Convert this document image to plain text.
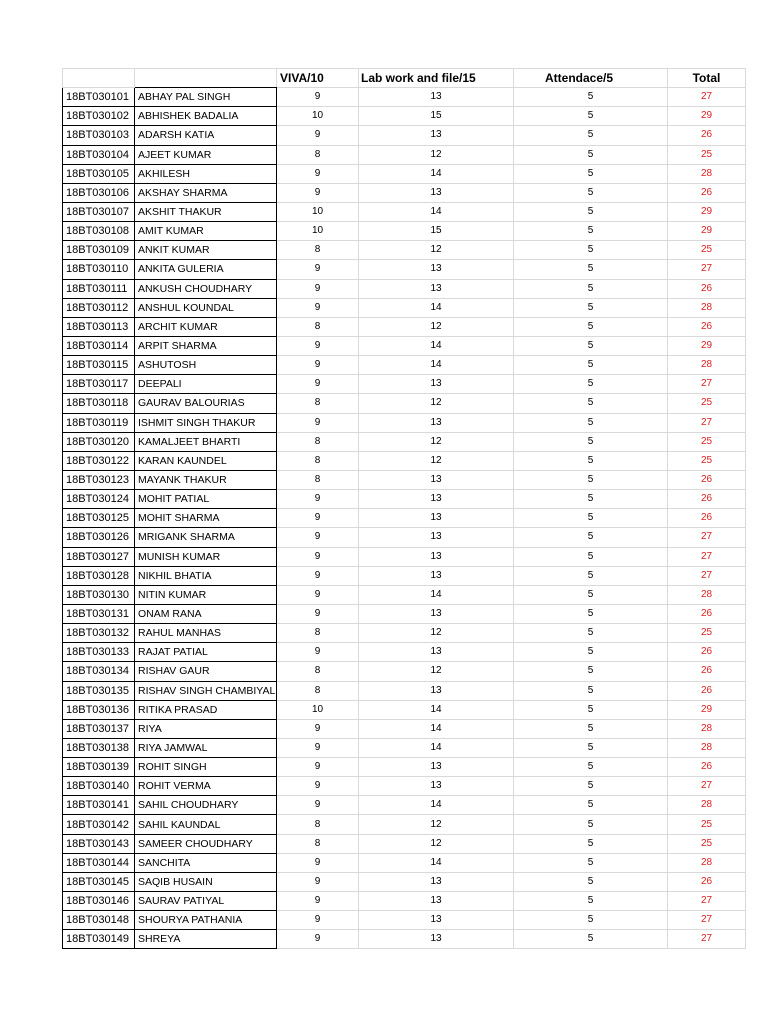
		VIVA/10	Lab work and file/15	Attendace/5	Total
18BT030101	ABHAY PAL SINGH	9	13	5	27
18BT030102	ABHISHEK BADALIA	10	15	5	29
18BT030103	ADARSH KATIA	9	13	5	26
18BT030104	AJEET KUMAR	8	12	5	25
18BT030105	AKHILESH	9	14	5	28
18BT030106	AKSHAY SHARMA	9	13	5	26
18BT030107	AKSHIT THAKUR	10	14	5	29
18BT030108	AMIT KUMAR	10	15	5	29
18BT030109	ANKIT KUMAR	8	12	5	25
18BT030110	ANKITA GULERIA	9	13	5	27
18BT030111	ANKUSH CHOUDHARY	9	13	5	26
18BT030112	ANSHUL KOUNDAL	9	14	5	28
18BT030113	ARCHIT KUMAR	8	12	5	26
18BT030114	ARPIT SHARMA	9	14	5	29
18BT030115	ASHUTOSH	9	14	5	28
18BT030117	DEEPALI	9	13	5	27
18BT030118	GAURAV BALOURIAS	8	12	5	25
18BT030119	ISHMIT SINGH THAKUR	9	13	5	27
18BT030120	KAMALJEET BHARTI	8	12	5	25
18BT030122	KARAN KAUNDEL	8	12	5	25
18BT030123	MAYANK THAKUR	8	13	5	26
18BT030124	MOHIT PATIAL	9	13	5	26
18BT030125	MOHIT SHARMA	9	13	5	26
18BT030126	MRIGANK SHARMA	9	13	5	27
18BT030127	MUNISH KUMAR	9	13	5	27
18BT030128	NIKHIL BHATIA	9	13	5	27
18BT030130	NITIN KUMAR	9	14	5	28
18BT030131	ONAM RANA	9	13	5	26
18BT030132	RAHUL MANHAS	8	12	5	25
18BT030133	RAJAT PATIAL	9	13	5	26
18BT030134	RISHAV GAUR	8	12	5	26
18BT030135	RISHAV SINGH CHAMBIYAL	8	13	5	26
18BT030136	RITIKA PRASAD	10	14	5	29
18BT030137	RIYA	9	14	5	28
18BT030138	RIYA JAMWAL	9	14	5	28
18BT030139	ROHIT SINGH	9	13	5	26
18BT030140	ROHIT VERMA	9	13	5	27
18BT030141	SAHIL CHOUDHARY	9	14	5	28
18BT030142	SAHIL KAUNDAL	8	12	5	25
18BT030143	SAMEER CHOUDHARY	8	12	5	25
18BT030144	SANCHITA	9	14	5	28
18BT030145	SAQIB HUSAIN	9	13	5	26
18BT030146	SAURAV PATIYAL	9	13	5	27
18BT030148	SHOURYA PATHANIA	9	13	5	27
18BT030149	SHREYA	9	13	5	27
